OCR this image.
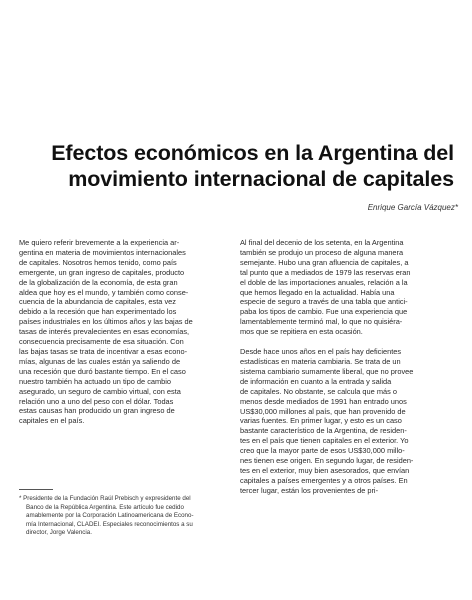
Efectos económicos en la Argentina del
movimiento internacional de capitales
Enrique García Vázquez*
Me quiero referir brevemente a la experiencia ar-
gentina en materia de movimientos internacionales
de capitales. Nosotros hemos tenido, como país
emergente, un gran ingreso de capitales, producto
de la globalización de la economía, de esta gran
aldea que hoy es el mundo, y también como conse-
cuencia de la abundancia de capitales, esta vez
debido a la recesión que han experimentado los
países industriales en los últimos años y las bajas de
tasas de interés prevalecientes en esas economías,
consecuencia precisamente de esa situación. Con
las bajas tasas se trata de incentivar a esas econo-
mías, algunas de las cuales están ya saliendo de
una recesión que duró bastante tiempo. En el caso
nuestro también ha actuado un tipo de cambio
asegurado, un seguro de cambio virtual, con esta
relación uno a uno del peso con el dólar. Todas
estas causas han producido un gran ingreso de
capitales en el país.
* Presidente de la Fundación Raúl Prebisch y expresidente del
Banco de la República Argentina. Este artículo fue cedido
amablemente por la Corporación Latinoamericana de Econo-
mía Internacional, CLADEI. Especiales reconocimientos a su
director, Jorge Valencia.
Al final del decenio de los setenta, en la Argentina
también se produjo un proceso de alguna manera
semejante. Hubo una gran afluencia de capitales, a
tal punto que a mediados de 1979 las reservas eran
el doble de las importaciones anuales, relación a la
que hemos llegado en la actualidad. Había una
especie de seguro a través de una tabla que antici-
paba los tipos de cambio. Fue una experiencia que
lamentablemente terminó mal, lo que no quisiéra-
mos que se repitiera en esta ocasión.
Desde hace unos años en el país hay deficientes
estadísticas en materia cambiaria. Se trata de un
sistema cambiario sumamente liberal, que no provee
de información en cuanto a la entrada y salida
de capitales. No obstante, se calcula que más o
menos desde mediados de 1991 han entrado unos
US$30,000 millones al país, que han provenido de
varias fuentes. En primer lugar, y esto es un caso
bastante característico de la Argentina, de residen-
tes en el país que tienen capitales en el exterior. Yo
creo que la mayor parte de esos US$30,000 millo-
nes tienen ese origen. En segundo lugar, de residen-
tes en el exterior, muy bien asesorados, que envían
capitales a países emergentes y a otros países. En
tercer lugar, están los provenientes de pri-
